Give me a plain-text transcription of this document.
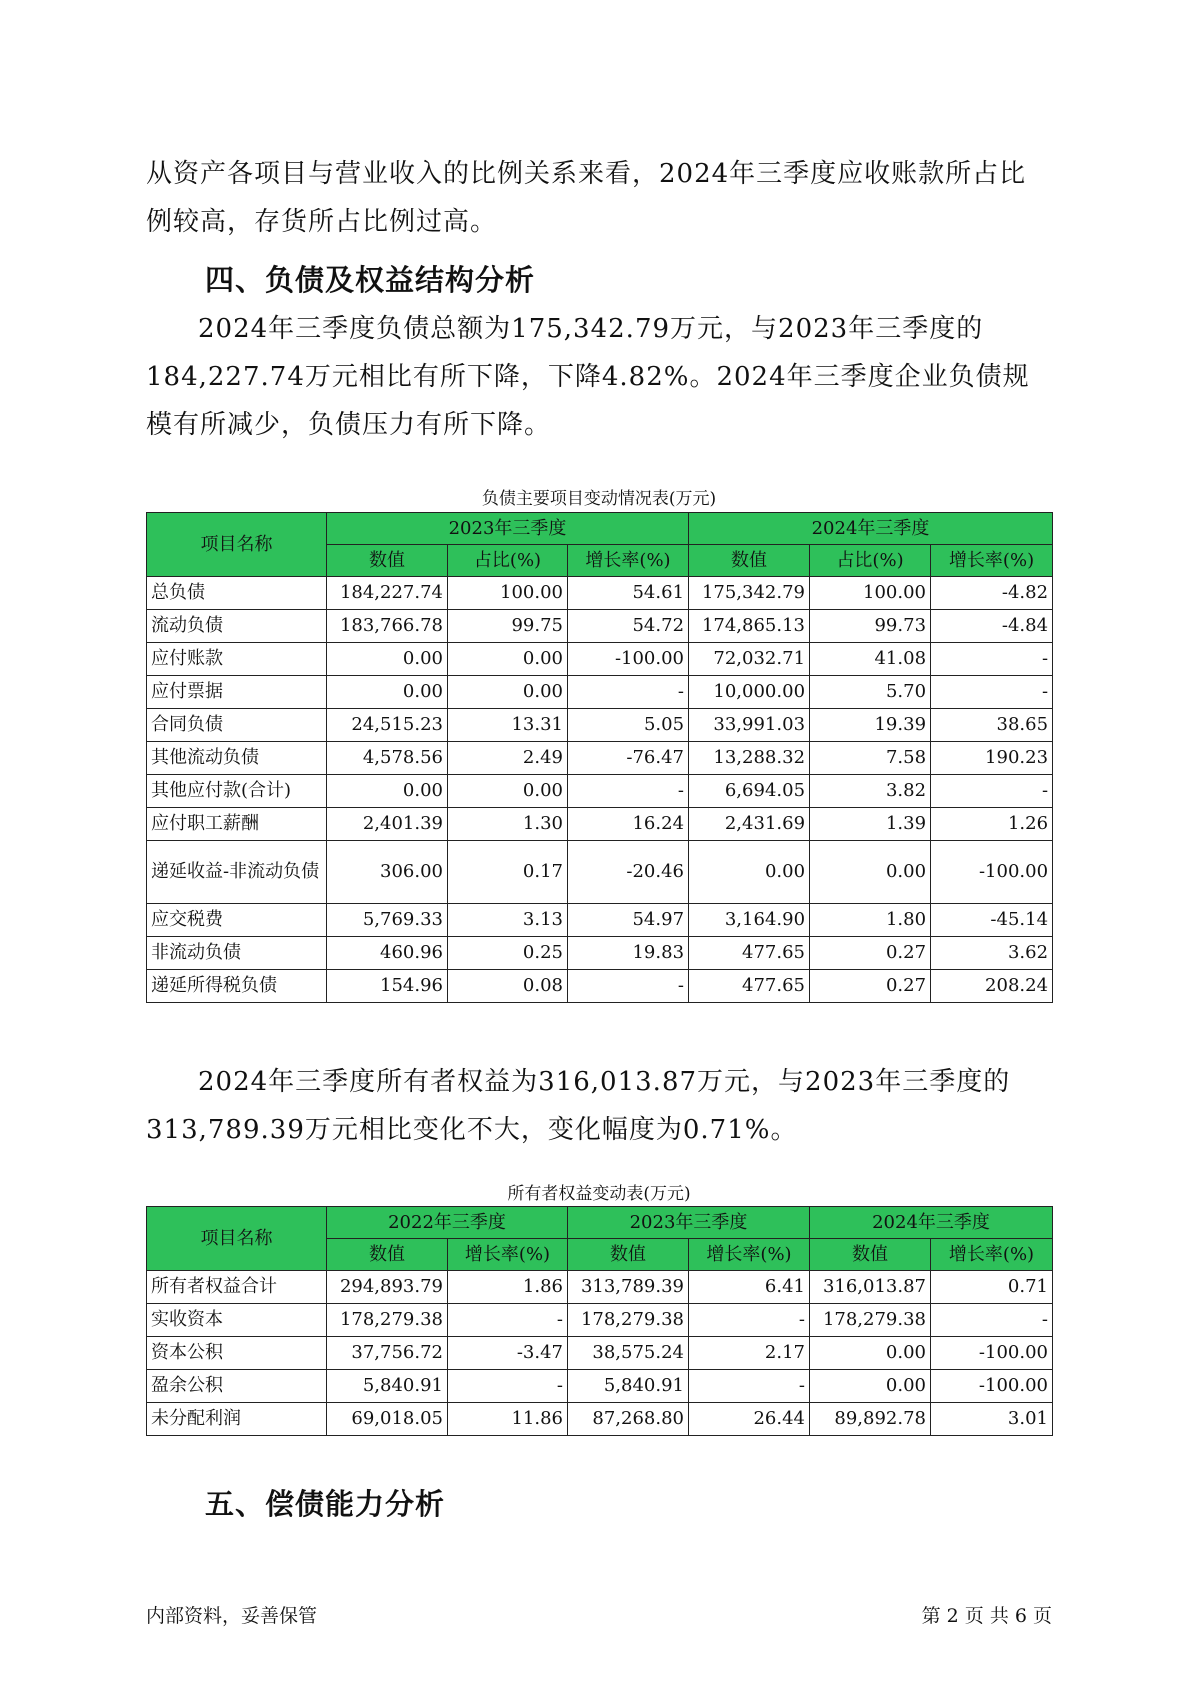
从资产各项目与营业收入的比例关系来看，2024年三季度应收账款所占比例较高，存货所占比例过高。

四、负债及权益结构分析

2024年三季度负债总额为175,342.79万元，与2023年三季度的184,227.74万元相比有所下降，下降4.82%。2024年三季度企业负债规模有所减少，负债压力有所下降。

负债主要项目变动情况表(万元)

项目名称	2023年三季度			2024年三季度		
	数值	占比(%)	增长率(%)	数值	占比(%)	增长率(%)
总负债	184,227.74	100.00	54.61	175,342.79	100.00	-4.82
流动负债	183,766.78	99.75	54.72	174,865.13	99.73	-4.84
应付账款	0.00	0.00	-100.00	72,032.71	41.08	-
应付票据	0.00	0.00	-	10,000.00	5.70	-
合同负债	24,515.23	13.31	5.05	33,991.03	19.39	38.65
其他流动负债	4,578.56	2.49	-76.47	13,288.32	7.58	190.23
其他应付款(合计)	0.00	0.00	-	6,694.05	3.82	-
应付职工薪酬	2,401.39	1.30	16.24	2,431.69	1.39	1.26
递延收益-非流动负债	306.00	0.17	-20.46	0.00	0.00	-100.00
应交税费	5,769.33	3.13	54.97	3,164.90	1.80	-45.14
非流动负债	460.96	0.25	19.83	477.65	0.27	3.62
递延所得税负债	154.96	0.08	-	477.65	0.27	208.24

2024年三季度所有者权益为316,013.87万元，与2023年三季度的313,789.39万元相比变化不大，变化幅度为0.71%。

所有者权益变动表(万元)

项目名称	2022年三季度		2023年三季度		2024年三季度	
	数值	增长率(%)	数值	增长率(%)	数值	增长率(%)
所有者权益合计	294,893.79	1.86	313,789.39	6.41	316,013.87	0.71
实收资本	178,279.38	-	178,279.38	-	178,279.38	-
资本公积	37,756.72	-3.47	38,575.24	2.17	0.00	-100.00
盈余公积	5,840.91	-	5,840.91	-	0.00	-100.00
未分配利润	69,018.05	11.86	87,268.80	26.44	89,892.78	3.01
五、偿债能力分析
内部资料，妥善保管	第 2 页 共 6 页
